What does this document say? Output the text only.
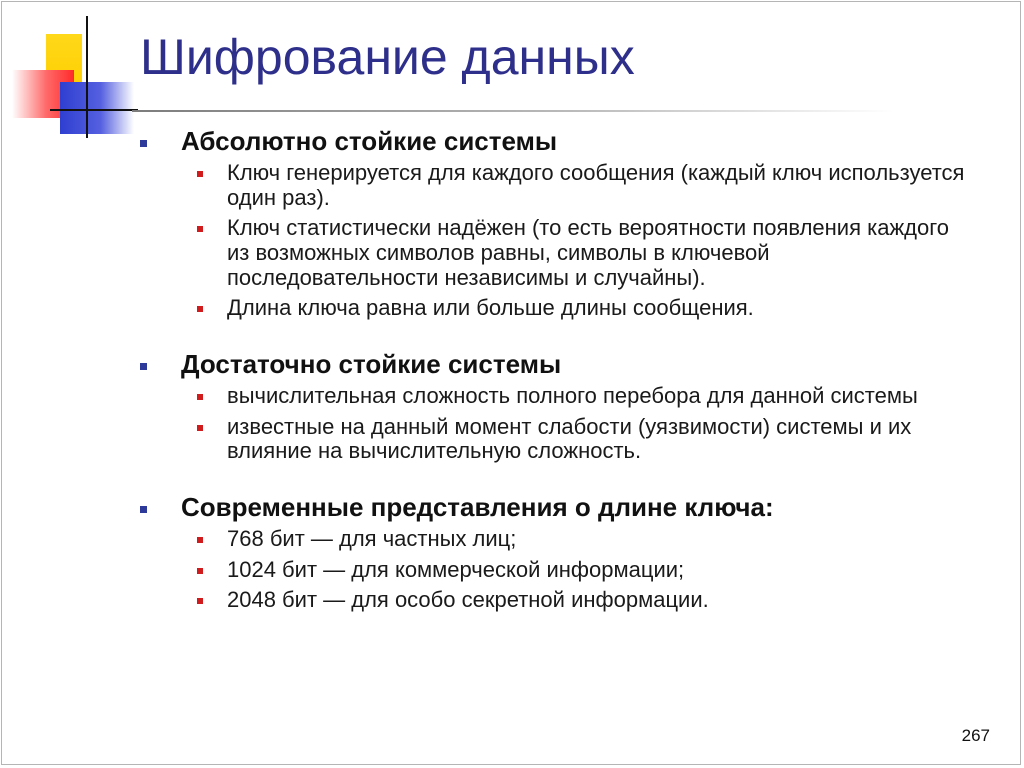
Шифрование данных
Абсолютно стойкие системы
Ключ генерируется для каждого сообщения (каждый ключ используется один раз).
Ключ статистически надёжен (то есть вероятности появления каждого из возможных символов равны, символы в ключевой последовательности независимы и случайны).
Длина ключа равна или больше длины сообщения.
Достаточно стойкие системы
вычислительная сложность полного перебора для данной системы
известные на данный момент слабости (уязвимости) системы и их влияние на вычислительную сложность.
Современные представления о длине ключа:
768 бит — для частных лиц;
1024 бит — для коммерческой информации;
2048 бит — для особо секретной информации.
267
